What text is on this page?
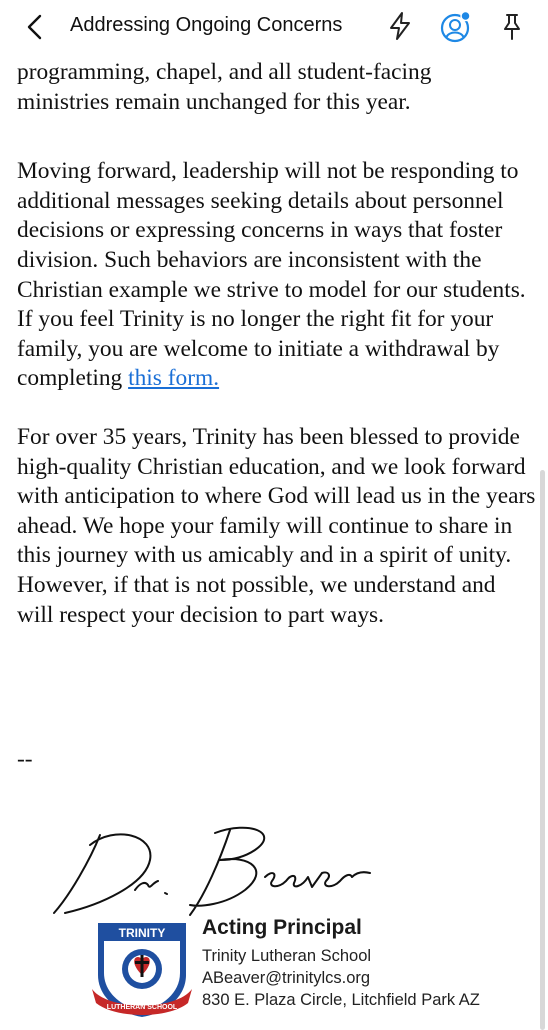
Addressing Ongoing Concerns

programming, chapel, and all student-facing
ministries remain unchanged for this year.

Moving forward, leadership will not be responding to additional messages seeking details about personnel decisions or expressing concerns in ways that foster division. Such behaviors are inconsistent with the Christian example we strive to model for our students. If you feel Trinity is no longer the right fit for your family, you are welcome to initiate a withdrawal by completing this form.

For over 35 years, Trinity has been blessed to provide high-quality Christian education, and we look forward with anticipation to where God will lead us in the years ahead. We hope your family will continue to share in this journey with us amicably and in a spirit of unity. However, if that is not possible, we understand and will respect your decision to part ways.

--
TRINITY
LUTHERAN SCHOOL
Acting Principal
Trinity Lutheran School
ABeaver@trinitylcs.org
830 E. Plaza Circle, Litchfield Park AZ
